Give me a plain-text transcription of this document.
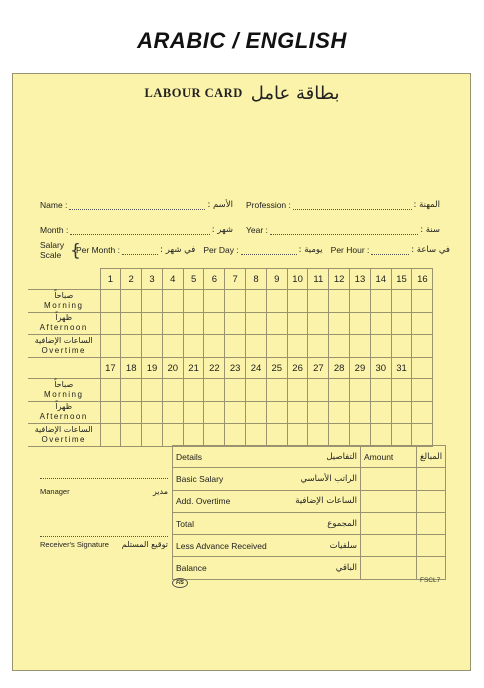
ARABIC / ENGLISH
LABOUR CARD بطاقة عامل
Name :	الأسم : Profession :	المهنة :
Month :	شهر : Year :	سنة :
Salary
Scale {
Per Month :	في شهر : Per Day :	يومية : Per Hour :	في ساعة :
	1	2	3	4	5	6	7	8	9	10	11	12	13	14	15	16

صباحاً
Morning																

ظهراً
Afternoon																

الساعات الإضافية
Overtime																

	17	18	19	20	21	22	23	24	25	26	27	28	29	30	31	

صباحاً
Morning																

ظهراً
Afternoon																

الساعات الإضافية
Overtime																

Manager	مدير
Receiver's Signature توقيع المستلم
Details التفاصيل	Amount	المبالغ

Basic Salary الراتب الأساسي		

Add. Overtime الساعات الإضافية		

Total المجموع		

Less Advance Received سلفيات		

Balance الباقي		

FIS	FSCL7
